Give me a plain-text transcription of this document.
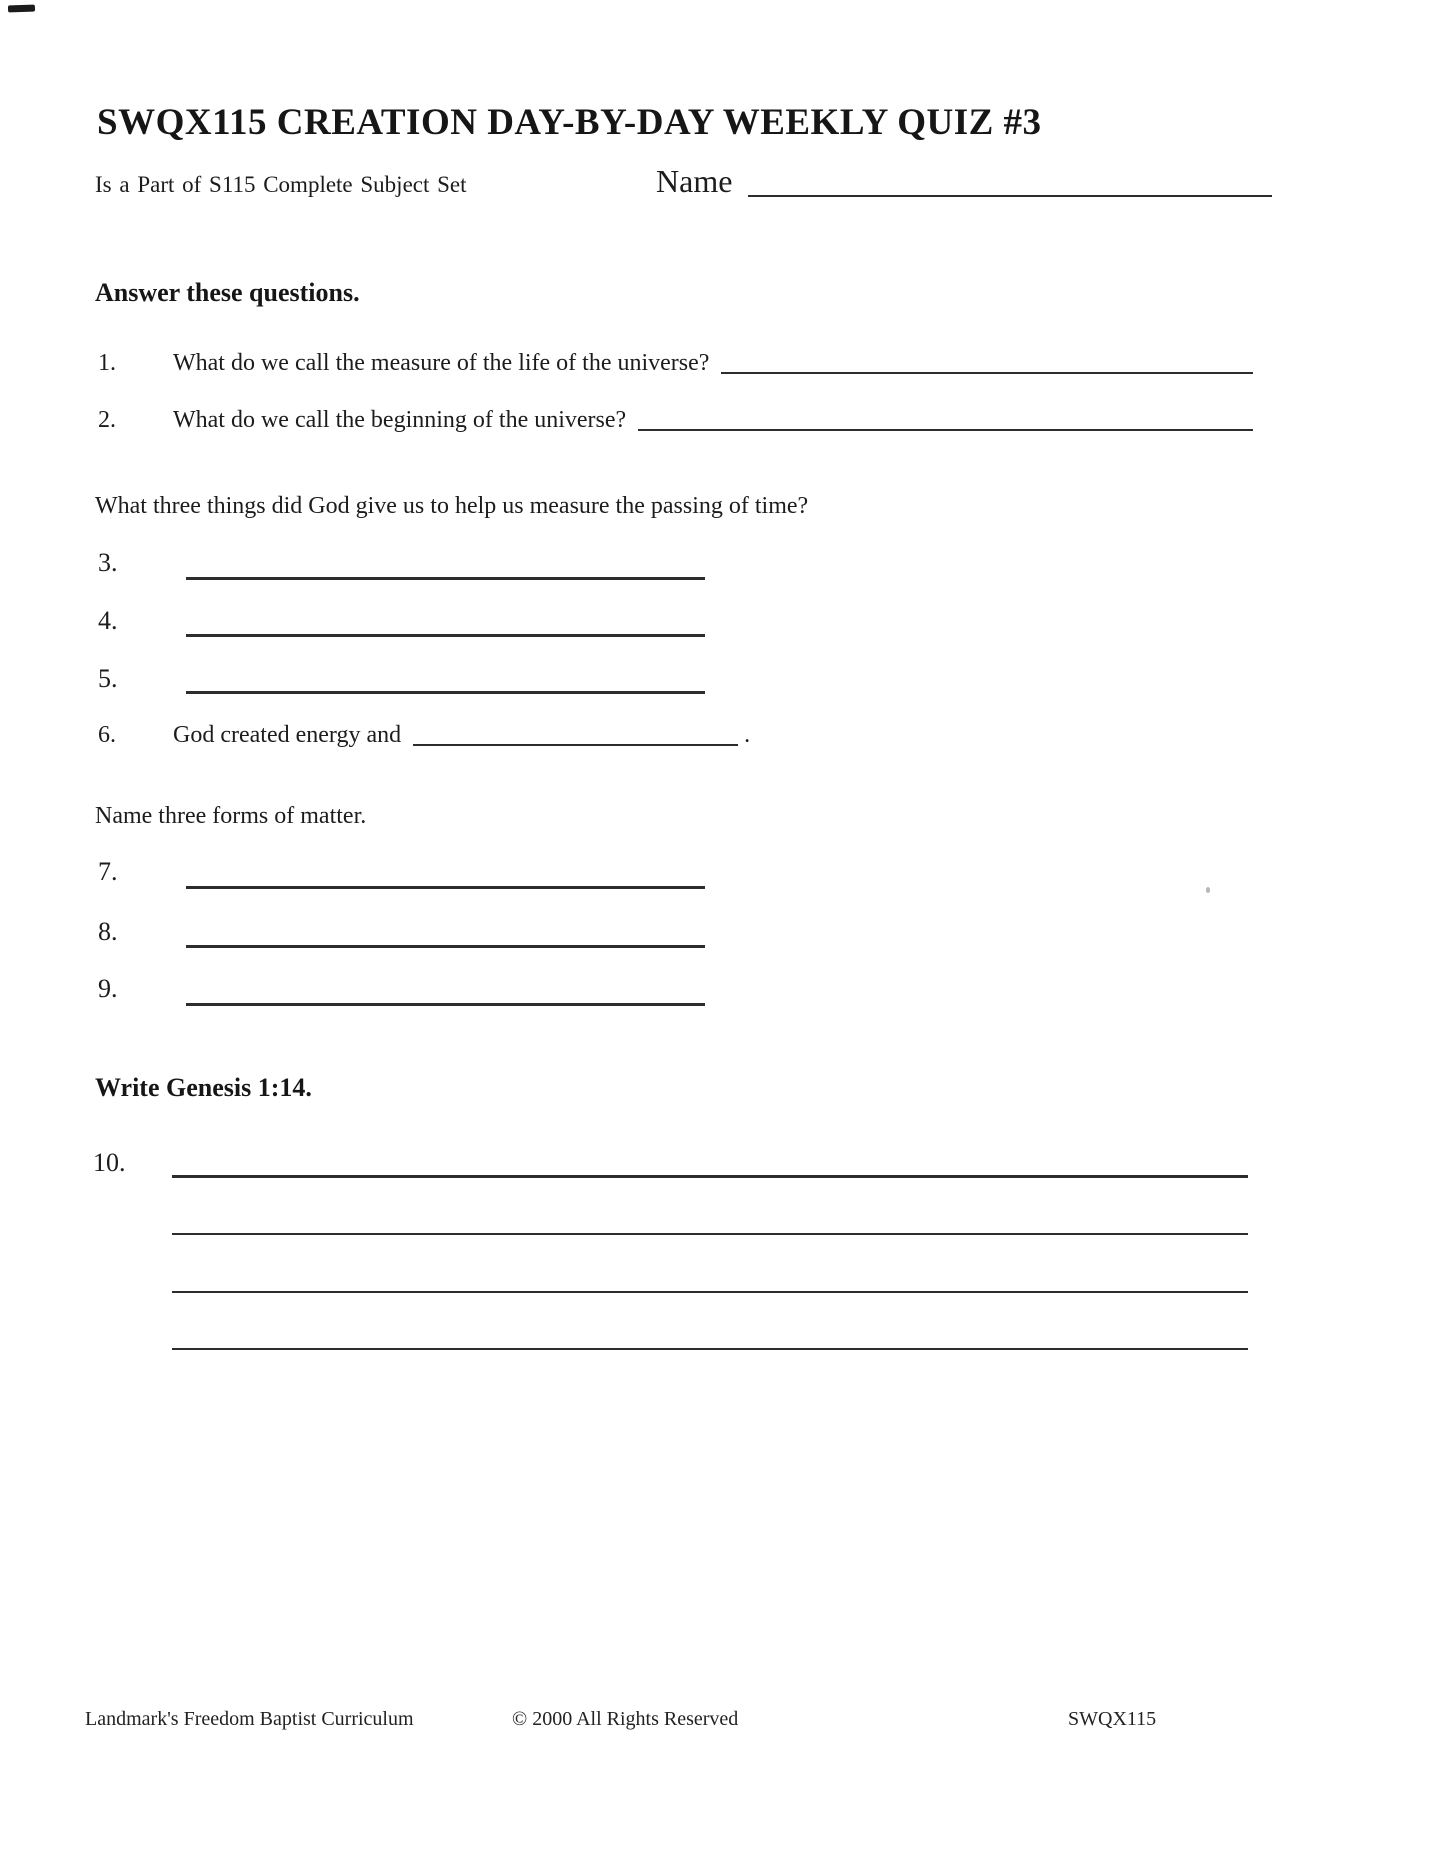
SWQX115 CREATION DAY-BY-DAY WEEKLY QUIZ #3
Is a Part of S115 Complete Subject Set	Name
Answer these questions.
1.	What do we call the measure of the life of the universe?
2.	What do we call the beginning of the universe?
What three things did God give us to help us measure the passing of time?
3.
4.
5.
6.	God created energy and	.
Name three forms of matter.
7.
8.
9.
Write Genesis 1:14.
10.
Landmark's Freedom Baptist Curriculum	© 2000 All Rights Reserved	SWQX115
